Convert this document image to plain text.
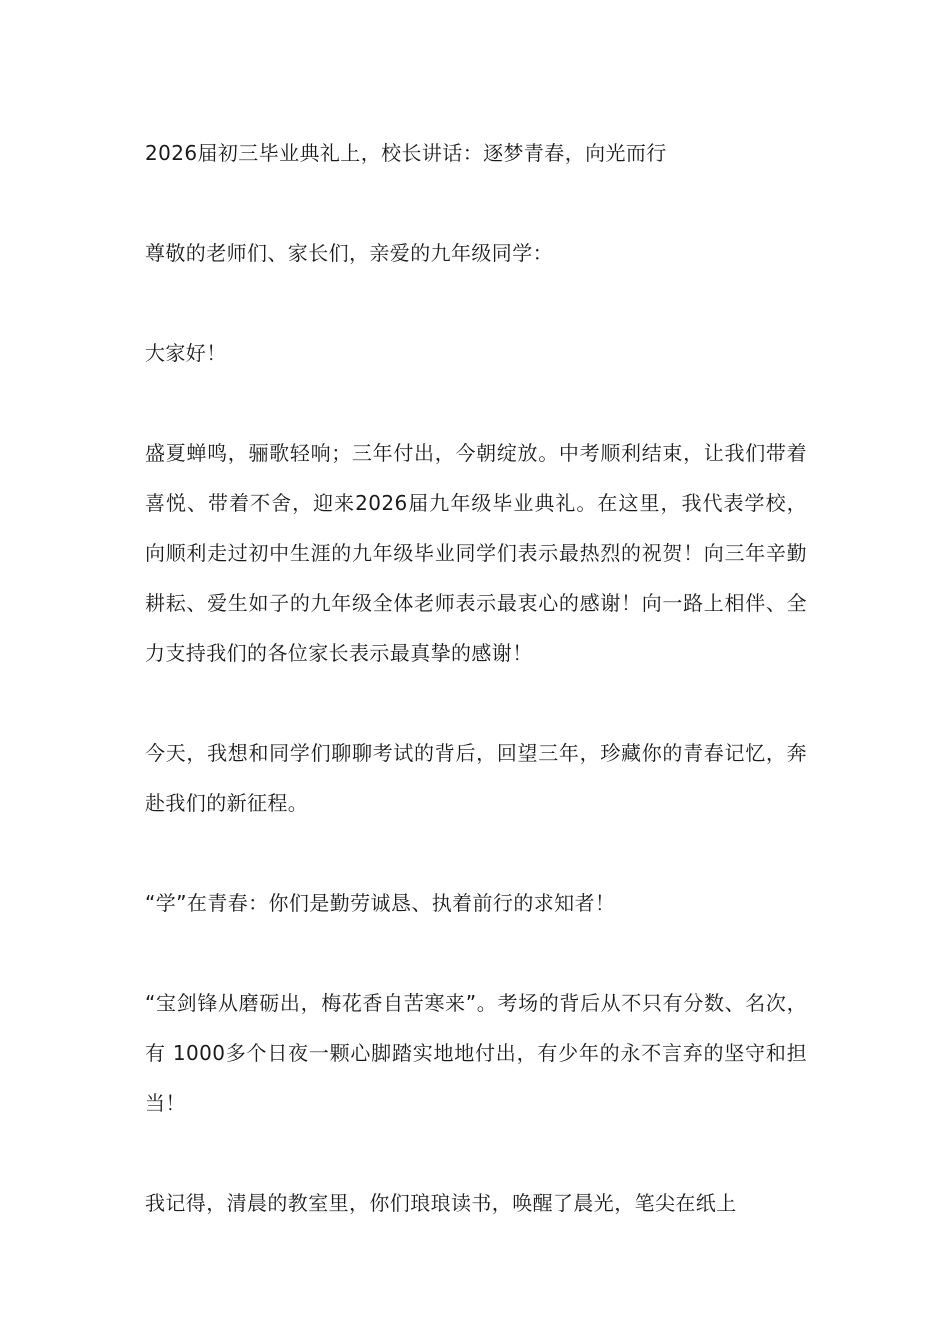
2026届初三毕业典礼上，校长讲话：逐梦青春，向光而行

尊敬的老师们、家长们，亲爱的九年级同学：

大家好！

盛夏蝉鸣，骊歌轻响；三年付出，今朝绽放。中考顺利结束，让我们带着喜悦、带着不舍，迎来2026届九年级毕业典礼。在这里，我代表学校，向顺利走过初中生涯的九年级毕业同学们表示最热烈的祝贺！向三年辛勤耕耘、爱生如子的九年级全体老师表示最衷心的感谢！向一路上相伴、全力支持我们的各位家长表示最真挚的感谢！

今天，我想和同学们聊聊考试的背后，回望三年，珍藏你的青春记忆，奔赴我们的新征程。

“学”在青春：你们是勤劳诚恳、执着前行的求知者！

“宝剑锋从磨砺出，梅花香自苦寒来”。考场的背后从不只有分数、名次，有 1000多个日夜一颗心脚踏实地地付出，有少年的永不言弃的坚守和担当！

我记得，清晨的教室里，你们琅琅读书，唤醒了晨光，笔尖在纸上
